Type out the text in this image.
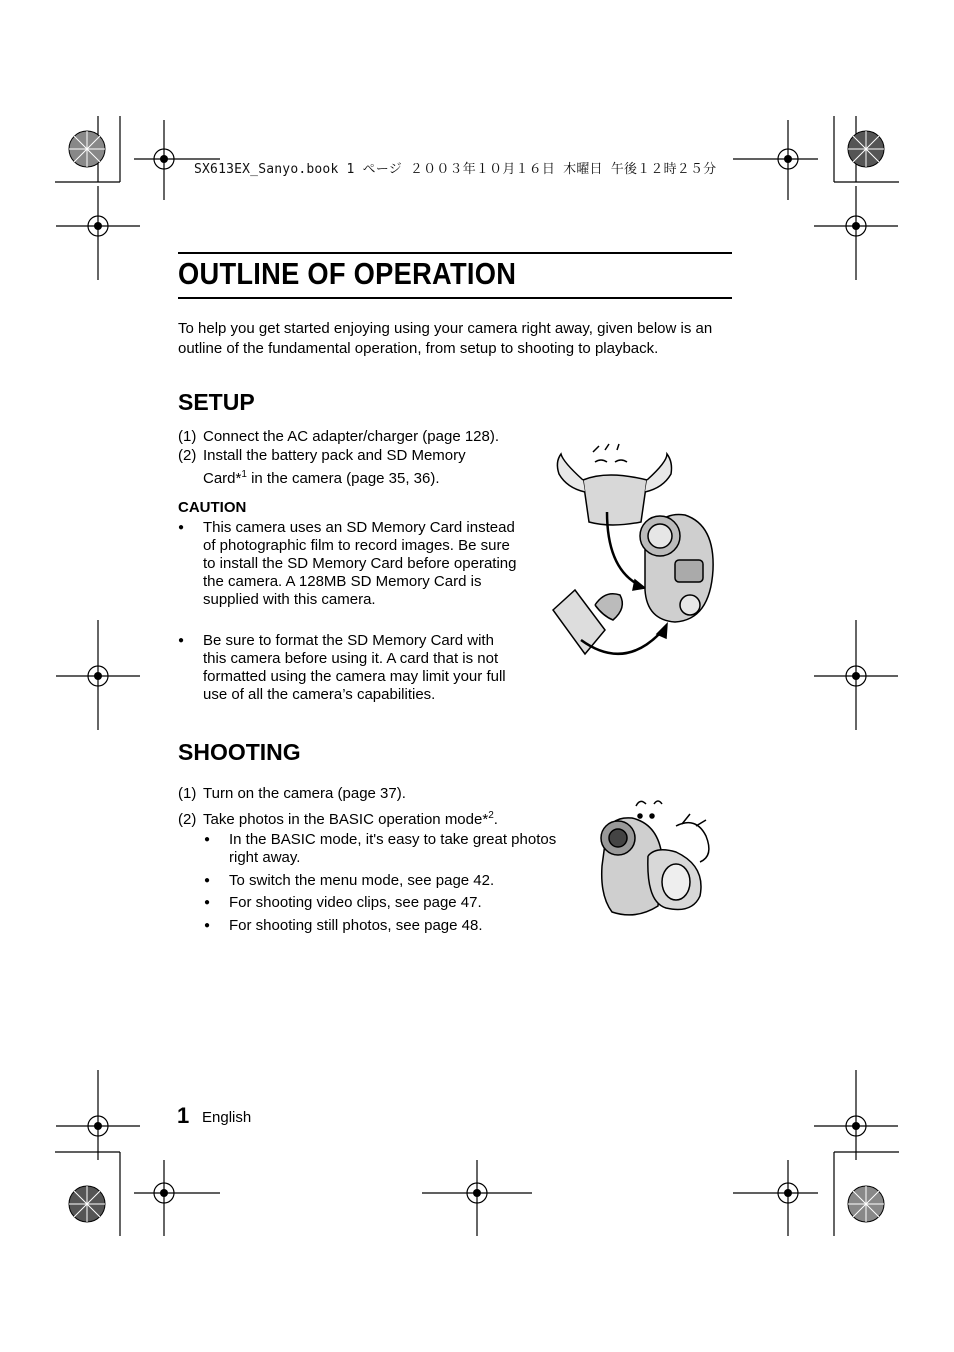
SX613EX_Sanyo.book 1 ページ ２００３年１０月１６日 木曜日 午後１２時２５分
OUTLINE OF OPERATION
To help you get started enjoying using your camera right away, given below is an outline of the fundamental operation, from setup to shooting to playback.
SETUP
(1) Connect the AC adapter/charger (page 128).
(2) Install the battery pack and SD Memory
Card*$^1$ in the camera (page 35, 36).
CAUTION
● This camera uses an SD Memory Card instead of photographic film to record images. Be sure to install the SD Memory Card before operating the camera. A 128MB SD Memory Card is supplied with this camera.
● Be sure to format the SD Memory Card with this camera before using it. A card that is not formatted using the camera may limit your full use of all the camera’s capabilities.
SHOOTING
(1) Turn on the camera (page 37).
(2) Take photos in the BASIC operation mode*$^2$.
● In the BASIC mode, it's easy to take great photos right away.
● To switch the menu mode, see page 42.
● For shooting video clips, see page 47.
● For shooting still photos, see page 48.
1 English
